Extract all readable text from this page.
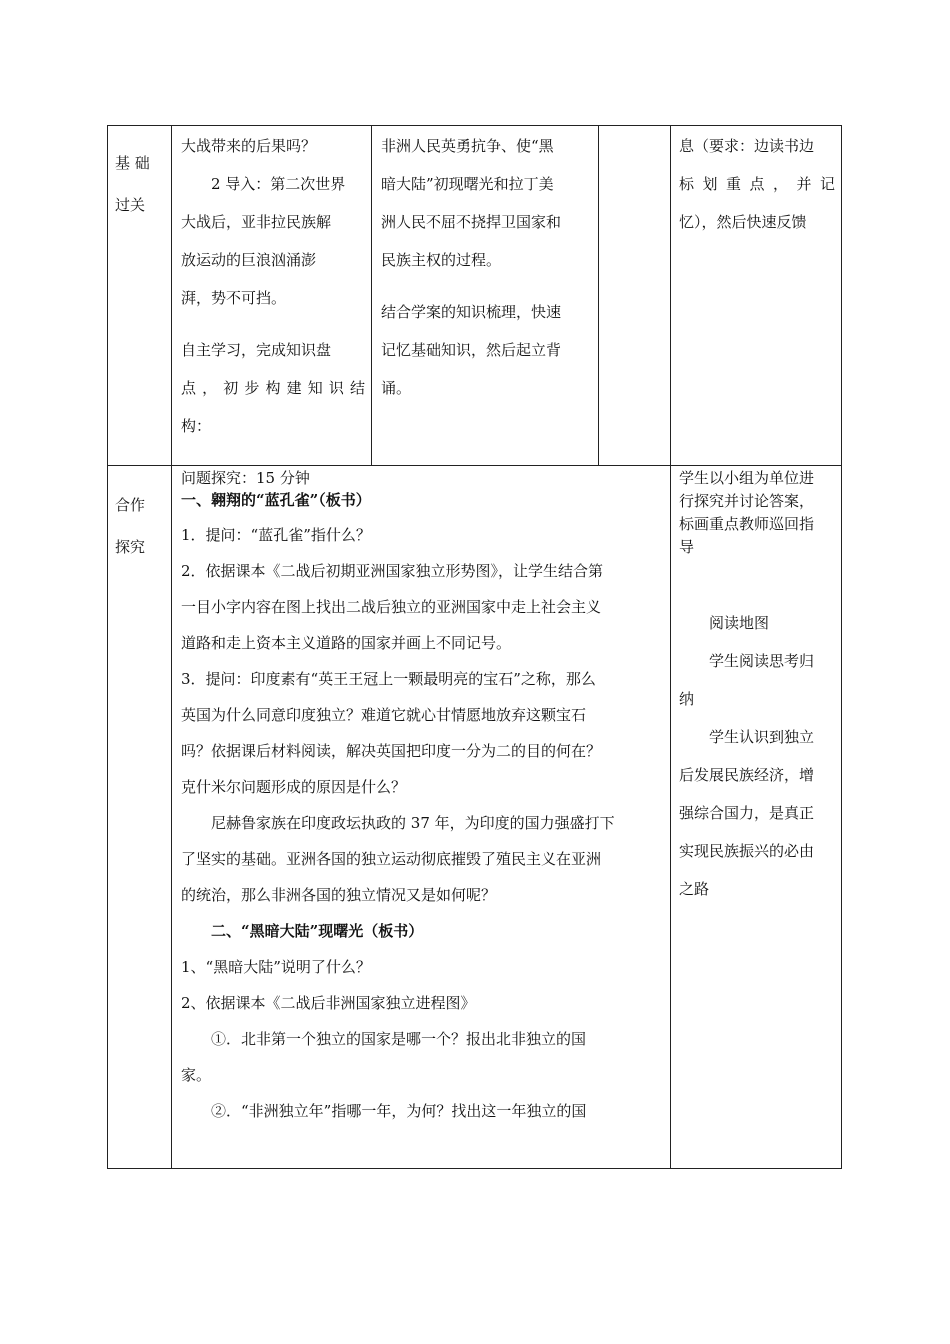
基 础

过关

大战带来的后果吗？

2 导入：第二次世界

大战后，亚非拉民族解

放运动的巨浪汹涌澎

湃，势不可挡。

自主学习，完成知识盘

点，初步构建知识结

构：

非洲人民英勇抗争、使“黑

暗大陆”初现曙光和拉丁美

洲人民不屈不挠捍卫国家和

民族主权的过程。

结合学案的知识梳理，快速

记忆基础知识，然后起立背

诵。

息（要求：边读书边

标 划 重 点 ， 并 记

忆），然后快速反馈

合作

探究

问题探究：15 分钟

一、翱翔的“蓝孔雀”（板书）

1．提问：“蓝孔雀”指什么？

2．依据课本《二战后初期亚洲国家独立形势图》，让学生结合第

一目小字内容在图上找出二战后独立的亚洲国家中走上社会主义

道路和走上资本主义道路的国家并画上不同记号。

3．提问：印度素有“英王王冠上一颗最明亮的宝石”之称，那么

英国为什么同意印度独立？难道它就心甘情愿地放弃这颗宝石

吗？依据课后材料阅读，解决英国把印度一分为二的目的何在？

克什米尔问题形成的原因是什么？

尼赫鲁家族在印度政坛执政的 37 年，为印度的国力强盛打下

了坚实的基础。亚洲各国的独立运动彻底摧毁了殖民主义在亚洲

的统治，那么非洲各国的独立情况又是如何呢？

二、“黑暗大陆”现曙光（板书）

1、“黑暗大陆”说明了什么？

2、依据课本《二战后非洲国家独立进程图》

①．北非第一个独立的国家是哪一个？报出北非独立的国

家。

②．“非洲独立年”指哪一年，为何？找出这一年独立的国

学生以小组为单位进

行探究并讨论答案，

标画重点教师巡回指

导

阅读地图

学生阅读思考归

纳

学生认识到独立

后发展民族经济，增

强综合国力，是真正

实现民族振兴的必由

之路
